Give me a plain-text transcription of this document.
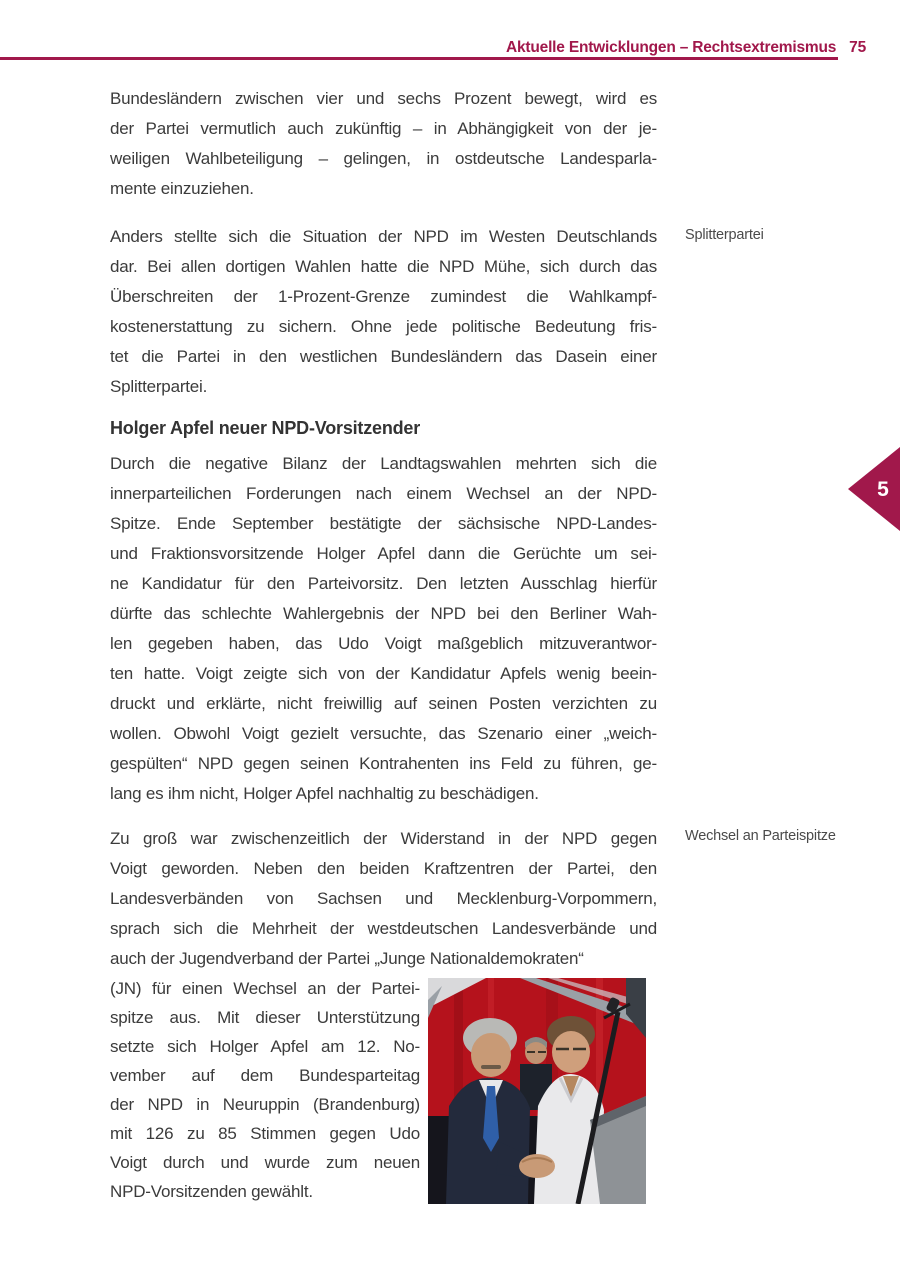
Aktuelle Entwicklungen – Rechtsextremismus 75
5
Splitterpartei
Wechsel an Parteispitze
Bundesländern zwischen vier und sechs Prozent bewegt, wird es
der Partei vermutlich auch zukünftig – in Abhängigkeit von der je-
weiligen Wahlbeteiligung – gelingen, in ostdeutsche Landesparla-
mente einzuziehen.
Anders stellte sich die Situation der NPD im Westen Deutschlands
dar. Bei allen dortigen Wahlen hatte die NPD Mühe, sich durch das
Überschreiten der 1-Prozent-Grenze zumindest die Wahlkampf-
kostenerstattung zu sichern. Ohne jede politische Bedeutung fris-
tet die Partei in den westlichen Bundesländern das Dasein einer
Splitterpartei.
Holger Apfel neuer NPD-Vorsitzender
Durch die negative Bilanz der Landtagswahlen mehrten sich die
innerparteilichen Forderungen nach einem Wechsel an der NPD-
Spitze. Ende September bestätigte der sächsische NPD-Landes-
und Fraktionsvorsitzende Holger Apfel dann die Gerüchte um sei-
ne Kandidatur für den Parteivorsitz. Den letzten Ausschlag hierfür
dürfte das schlechte Wahlergebnis der NPD bei den Berliner Wah-
len gegeben haben, das Udo Voigt maßgeblich mitzuverantwor-
ten hatte. Voigt zeigte sich von der Kandidatur Apfels wenig beein-
druckt und erklärte, nicht freiwillig auf seinen Posten verzichten zu
wollen. Obwohl Voigt gezielt versuchte, das Szenario einer „weich-
gespülten“ NPD gegen seinen Kontrahenten ins Feld zu führen, ge-
lang es ihm nicht, Holger Apfel nachhaltig zu beschädigen.
Zu groß war zwischenzeitlich der Widerstand in der NPD gegen
Voigt geworden. Neben den beiden Kraftzentren der Partei, den
Landesverbänden von Sachsen und Mecklenburg-Vorpommern,
sprach sich die Mehrheit der westdeutschen Landesverbände und
auch der Jugendverband der Partei „Junge Nationaldemokraten“
(JN) für einen Wechsel an der Partei-
spitze aus. Mit dieser Unterstützung
setzte sich Holger Apfel am 12. No-
vember auf dem Bundesparteitag
der NPD in Neuruppin (Brandenburg)
mit 126 zu 85 Stimmen gegen Udo
Voigt durch und wurde zum neuen
NPD-Vorsitzenden gewählt.
